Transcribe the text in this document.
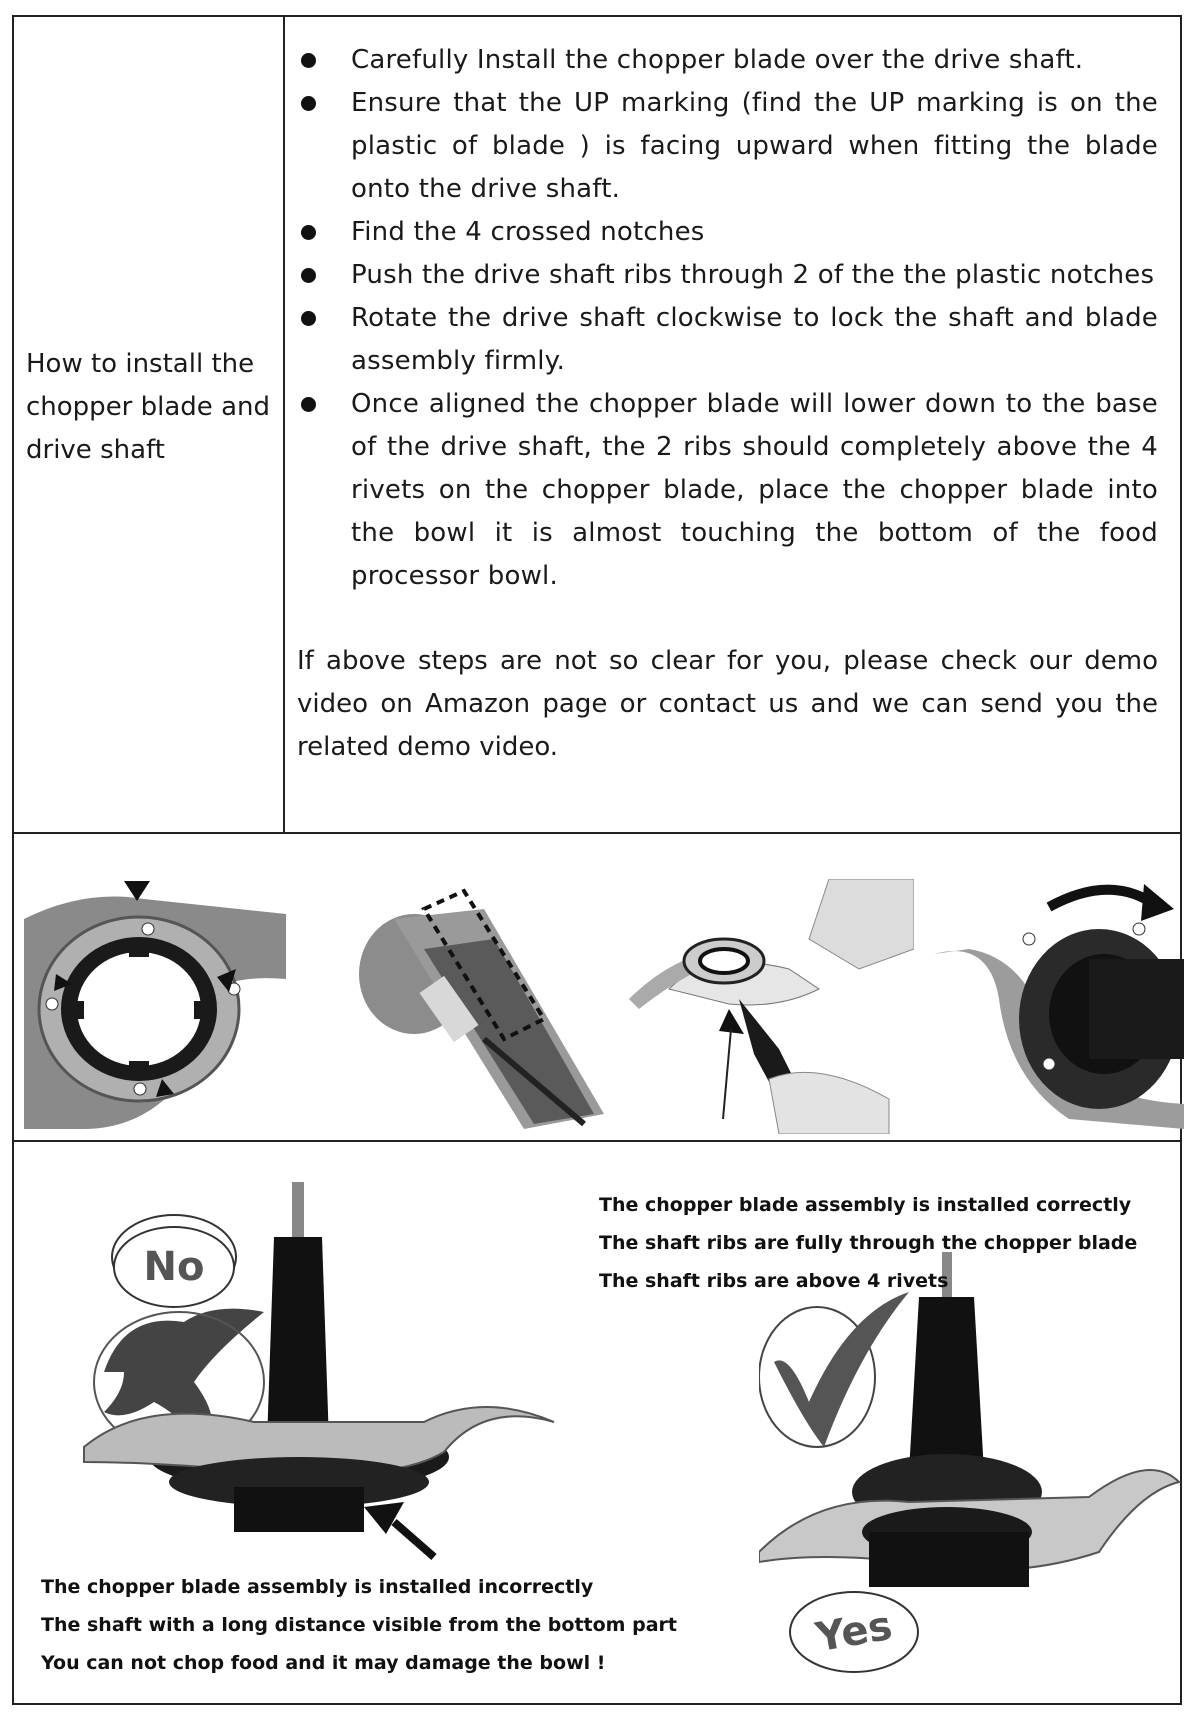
How to install the chopper blade and drive shaft
Carefully Install the chopper blade over the drive shaft.
Ensure that the UP marking (find the UP marking is on the plastic of blade ) is facing upward when fitting the blade onto the drive shaft.
Find the 4 crossed notches
Push the drive shaft ribs through 2 of the the plastic notches
Rotate the drive shaft clockwise to lock the shaft and blade assembly firmly.
Once aligned the chopper blade will lower down to the base of the drive shaft, the 2 ribs should completely above the 4 rivets on the chopper blade, place the chopper blade into the bowl it is almost touching the bottom of the food processor bowl.
If above steps are not so clear for you, please check our demo video on Amazon page or contact us and we can send you the related demo video.
No
Yes
The chopper blade assembly is installed correctly
The shaft ribs are fully through the chopper blade
The shaft ribs are above 4 rivets
The chopper blade assembly is installed incorrectly
The shaft with a long distance visible from the bottom part
You can not chop food and it may damage the bowl !
